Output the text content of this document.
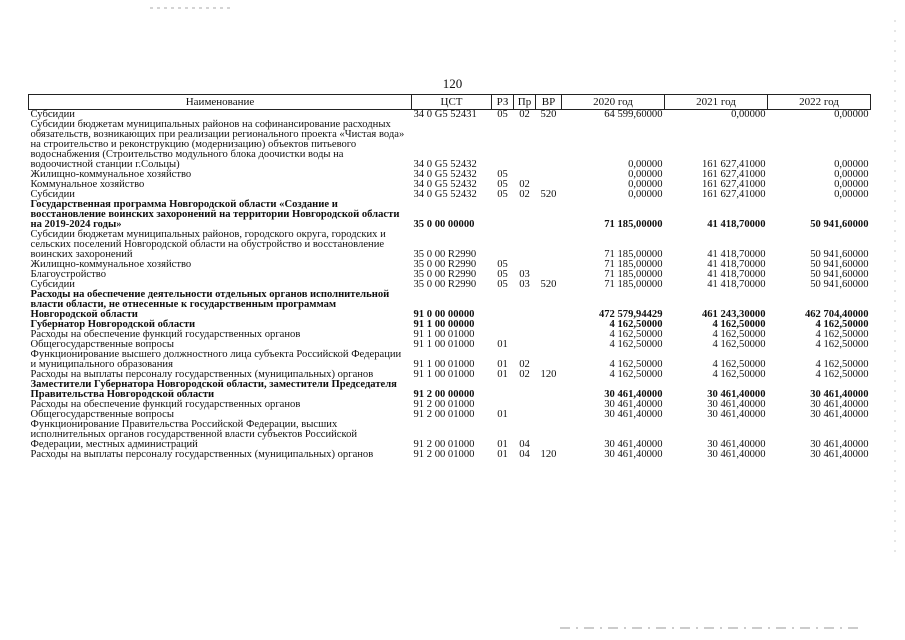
120
Наименование	ЦСТ	РЗ	Пр	ВР	2020 год	2021 год	2022 год
Субсидии	34 0 G5 52431	05	02	520	64 599,60000	0,00000	0,00000
Субсидии бюджетам муниципальных районов на софинансирование расходных обязательств, возникающих при реализации регионального проекта «Чистая вода» на строительство и реконструкцию (модернизацию) объектов питьевого водоснабжения (Строительство модульного блока доочистки воды на водоочистной станции г.Сольцы)	34 0 G5 52432				0,00000	161 627,41000	0,00000
Жилищно-коммунальное хозяйство	34 0 G5 52432	05			0,00000	161 627,41000	0,00000
Коммунальное хозяйство	34 0 G5 52432	05	02		0,00000	161 627,41000	0,00000
Субсидии	34 0 G5 52432	05	02	520	0,00000	161 627,41000	0,00000
Государственная программа Новгородской области «Создание и восстановление воинских захоронений на территории Новгородской области на 2019-2024 годы»	35 0 00 00000				71 185,00000	41 418,70000	50 941,60000
Субсидии бюджетам муниципальных районов, городского округа, городских и сельских поселений Новгородской области на обустройство и восстановление воинских захоронений	35 0 00 R2990				71 185,00000	41 418,70000	50 941,60000
Жилищно-коммунальное хозяйство	35 0 00 R2990	05			71 185,00000	41 418,70000	50 941,60000
Благоустройство	35 0 00 R2990	05	03		71 185,00000	41 418,70000	50 941,60000
Субсидии	35 0 00 R2990	05	03	520	71 185,00000	41 418,70000	50 941,60000
Расходы на обеспечение деятельности отдельных органов исполнительной власти области, не отнесенные к государственным программам Новгородской области	91 0 00 00000				472 579,94429	461 243,30000	462 704,40000
Губернатор Новгородской области	91 1 00 00000				4 162,50000	4 162,50000	4 162,50000
Расходы на обеспечение функций государственных органов	91 1 00 01000				4 162,50000	4 162,50000	4 162,50000
Общегосударственные вопросы	91 1 00 01000	01			4 162,50000	4 162,50000	4 162,50000
Функционирование высшего должностного лица субъекта Российской Федерации и муниципального образования	91 1 00 01000	01	02		4 162,50000	4 162,50000	4 162,50000
Расходы на выплаты персоналу государственных (муниципальных) органов	91 1 00 01000	01	02	120	4 162,50000	4 162,50000	4 162,50000
Заместители Губернатора Новгородской области, заместители Председателя Правительства Новгородской области	91 2 00 00000				30 461,40000	30 461,40000	30 461,40000
Расходы на обеспечение функций государственных органов	91 2 00 01000				30 461,40000	30 461,40000	30 461,40000
Общегосударственные вопросы	91 2 00 01000	01			30 461,40000	30 461,40000	30 461,40000
Функционирование Правительства Российской Федерации, высших исполнительных органов государственной власти субъектов Российской Федерации, местных администраций	91 2 00 01000	01	04		30 461,40000	30 461,40000	30 461,40000
Расходы на выплаты персоналу государственных (муниципальных) органов	91 2 00 01000	01	04	120	30 461,40000	30 461,40000	30 461,40000
